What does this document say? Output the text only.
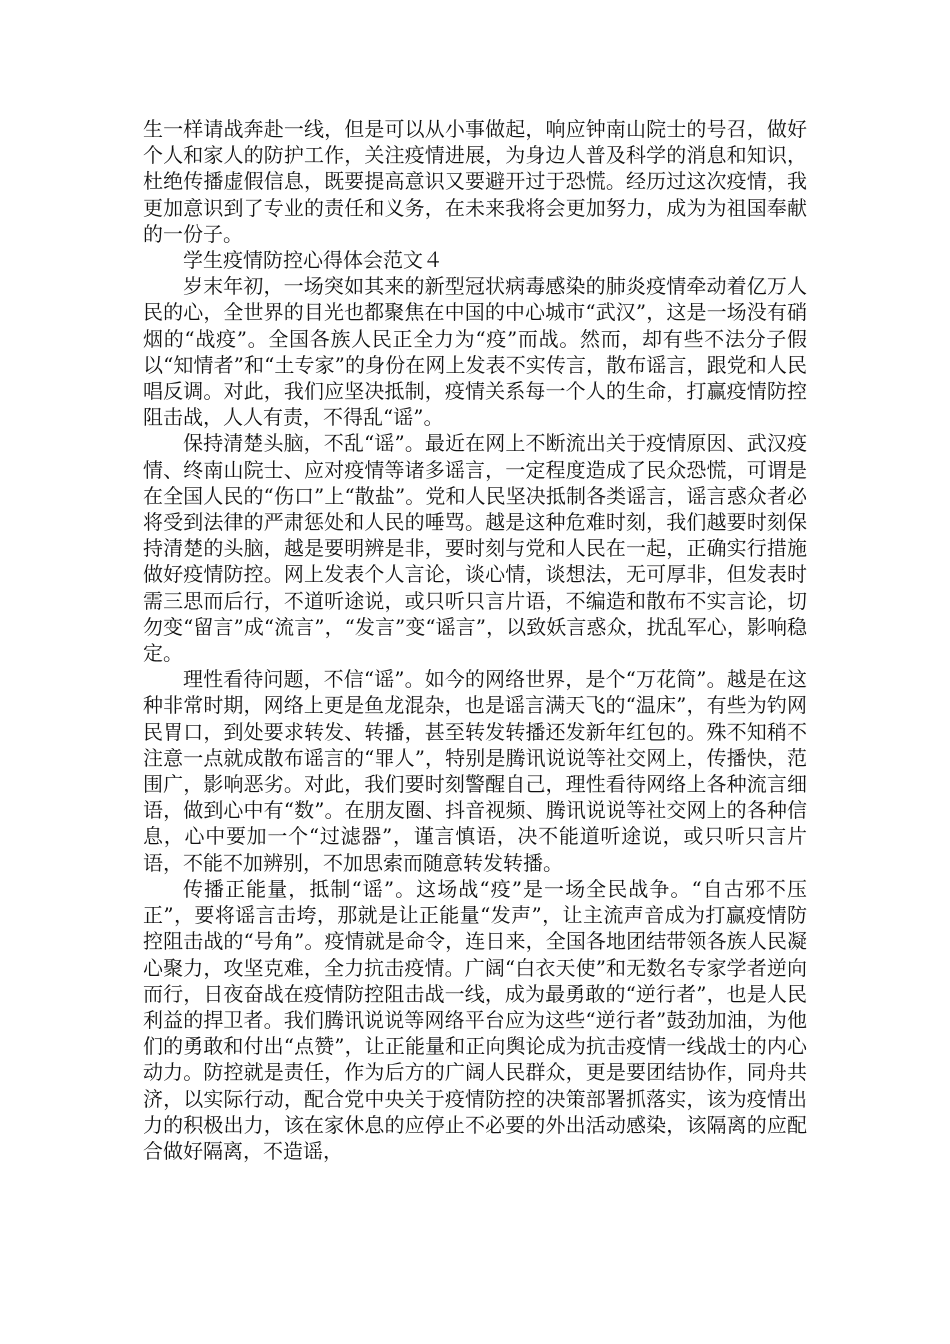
生一样请战奔赴一线，但是可以从小事做起，响应钟南山院士的号召，做好个人和家人的防护工作，关注疫情进展，为身边人普及科学的消息和知识，杜绝传播虚假信息，既要提高意识又要避开过于恐慌。经历过这次疫情，我更加意识到了专业的责任和义务，在未来我将会更加努力，成为为祖国奉献的一份子。

学生疫情防控心得体会范文４

岁末年初，一场突如其来的新型冠状病毒感染的肺炎疫情牵动着亿万人民的心，全世界的目光也都聚焦在中国的中心城市“武汉”，这是一场没有硝烟的“战疫”。全国各族人民正全力为“疫”而战。然而，却有些不法分子假以“知情者”和“土专家”的身份在网上发表不实传言，散布谣言，跟党和人民唱反调。对此，我们应坚决抵制，疫情关系每一个人的生命，打赢疫情防控阻击战，人人有责，不得乱“谣”。

保持清楚头脑，不乱“谣”。最近在网上不断流出关于疫情原因、武汉疫情、终南山院士、应对疫情等诸多谣言，一定程度造成了民众恐慌，可谓是在全国人民的“伤口”上“散盐”。党和人民坚决抵制各类谣言，谣言惑众者必将受到法律的严肃惩处和人民的唾骂。越是这种危难时刻，我们越要时刻保持清楚的头脑，越是要明辨是非，要时刻与党和人民在一起，正确实行措施做好疫情防控。网上发表个人言论，谈心情，谈想法，无可厚非，但发表时需三思而后行，不道听途说，或只听只言片语，不编造和散布不实言论，切勿变“留言”成“流言”，“发言”变“谣言”，以致妖言惑众，扰乱军心，影响稳定。

理性看待问题，不信“谣”。如今的网络世界，是个“万花筒”。越是在这种非常时期，网络上更是鱼龙混杂，也是谣言满天飞的“温床”，有些为钓网民胃口，到处要求转发、转播，甚至转发转播还发新年红包的。殊不知稍不注意一点就成散布谣言的“罪人”，特别是腾讯说说等社交网上，传播快，范围广，影响恶劣。对此，我们要时刻警醒自己，理性看待网络上各种流言细语，做到心中有“数”。在朋友圈、抖音视频、腾讯说说等社交网上的各种信息，心中要加一个“过滤器”，谨言慎语，决不能道听途说，或只听只言片语，不能不加辨别，不加思索而随意转发转播。

传播正能量，抵制“谣”。这场战“疫”是一场全民战争。“自古邪不压正”，要将谣言击垮，那就是让正能量“发声”，让主流声音成为打赢疫情防控阻击战的“号角”。疫情就是命令，连日来，全国各地团结带领各族人民凝心聚力，攻坚克难，全力抗击疫情。广阔“白衣天使”和无数名专家学者逆向而行，日夜奋战在疫情防控阻击战一线，成为最勇敢的“逆行者”，也是人民利益的捍卫者。我们腾讯说说等网络平台应为这些“逆行者”鼓劲加油，为他们的勇敢和付出“点赞”，让正能量和正向舆论成为抗击疫情一线战士的内心动力。防控就是责任，作为后方的广阔人民群众，更是要团结协作，同舟共济，以实际行动，配合党中央关于疫情防控的决策部署抓落实，该为疫情出力的积极出力，该在家休息的应停止不必要的外出活动感染，该隔离的应配合做好隔离，不造谣，
